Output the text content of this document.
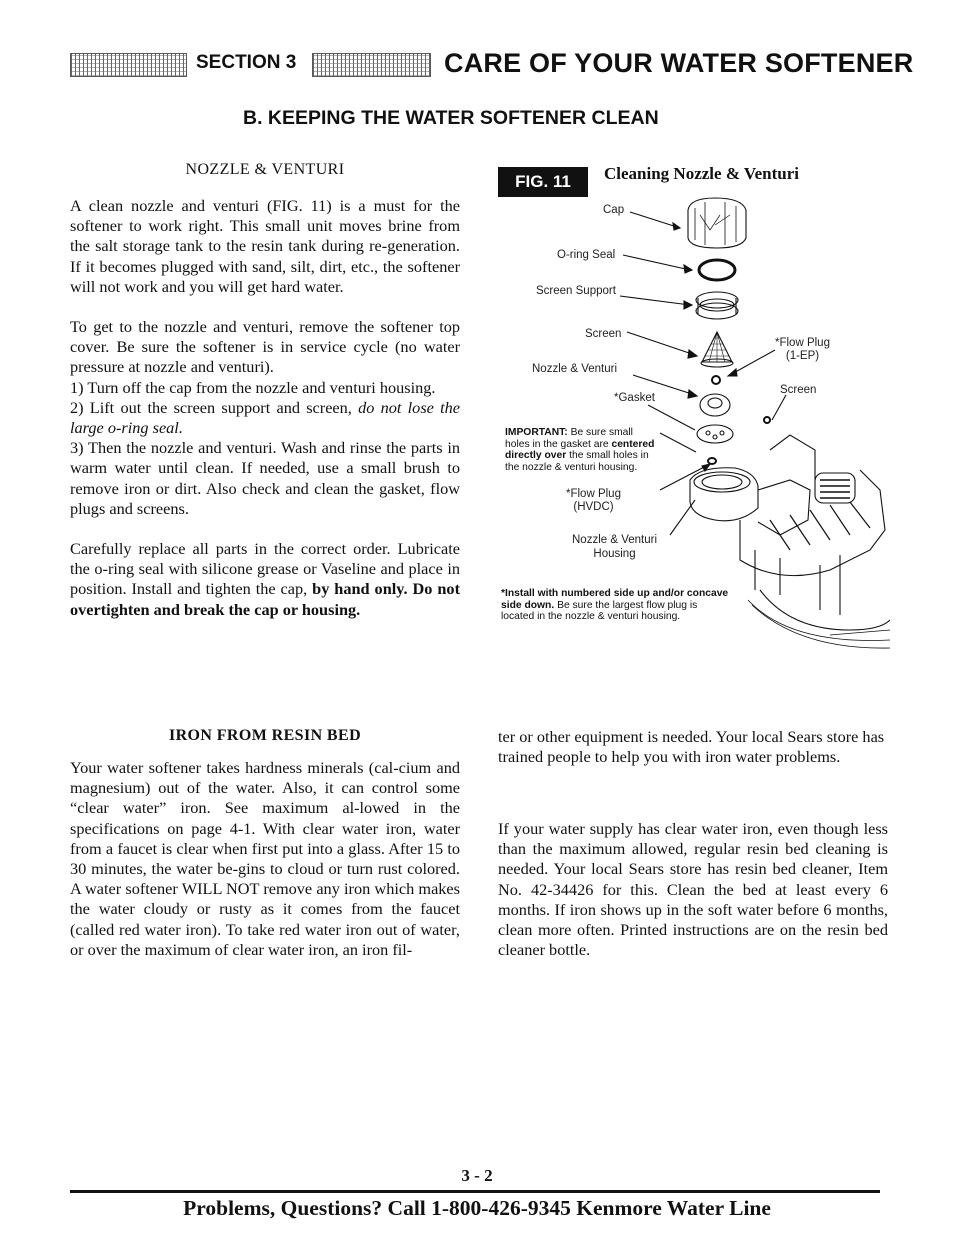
SECTION 3	CARE OF YOUR WATER SOFTENER
B. KEEPING THE WATER SOFTENER CLEAN
NOZZLE & VENTURI

A clean nozzle and venturi (FIG. 11) is a must for the softener to work right. This small unit moves brine from the salt storage tank to the resin tank during re-generation. If it becomes plugged with sand, silt, dirt, etc., the softener will not work and you will get hard water.

To get to the nozzle and venturi, remove the softener top cover. Be sure the softener is in service cycle (no water pressure at nozzle and venturi).

1) Turn off the cap from the nozzle and venturi housing.

2) Lift out the screen support and screen, do not lose the large o-ring seal.

3) Then the nozzle and venturi. Wash and rinse the parts in warm water until clean. If needed, use a small brush to remove iron or dirt. Also check and clean the gasket, flow plugs and screens.

Carefully replace all parts in the correct order. Lubricate the o-ring seal with silicone grease or Vaseline and place in position. Install and tighten the cap, by hand only. Do not overtighten and break the cap or housing.

FIG. 11	Cleaning Nozzle & Venturi
Cap
O-ring Seal
Screen Support
Screen
Nozzle & Venturi
*Gasket
*Flow Plug
(1-EP)
Screen
*Flow Plug
(HVDC)
Nozzle & Venturi
Housing
IMPORTANT: Be sure small holes in the gasket are centered directly over the small holes in the nozzle & venturi housing.
*Install with numbered side up and/or concave side down. Be sure the largest flow plug is located in the nozzle & venturi housing.
IRON FROM RESIN BED
Your water softener takes hardness minerals (cal-cium and magnesium) out of the water. Also, it can control some “clear water” iron. See maximum al-lowed in the specifications on page 4-1. With clear water iron, water from a faucet is clear when first put into a glass. After 15 to 30 minutes, the water be-gins to cloud or turn rust colored. A water softener WILL NOT remove any iron which makes the water cloudy or rusty as it comes from the faucet (called red water iron). To take red water iron out of water, or over the maximum of clear water iron, an iron fil-
ter or other equipment is needed. Your local Sears store has trained people to help you with iron water problems.
If your water supply has clear water iron, even though less than the maximum allowed, regular resin bed cleaning is needed. Your local Sears store has resin bed cleaner, Item No. 42-34426 for this. Clean the bed at least every 6 months. If iron shows up in the soft water before 6 months, clean more often. Printed instructions are on the resin bed cleaner bottle.
3 - 2
Problems, Questions? Call 1-800-426-9345 Kenmore Water Line
